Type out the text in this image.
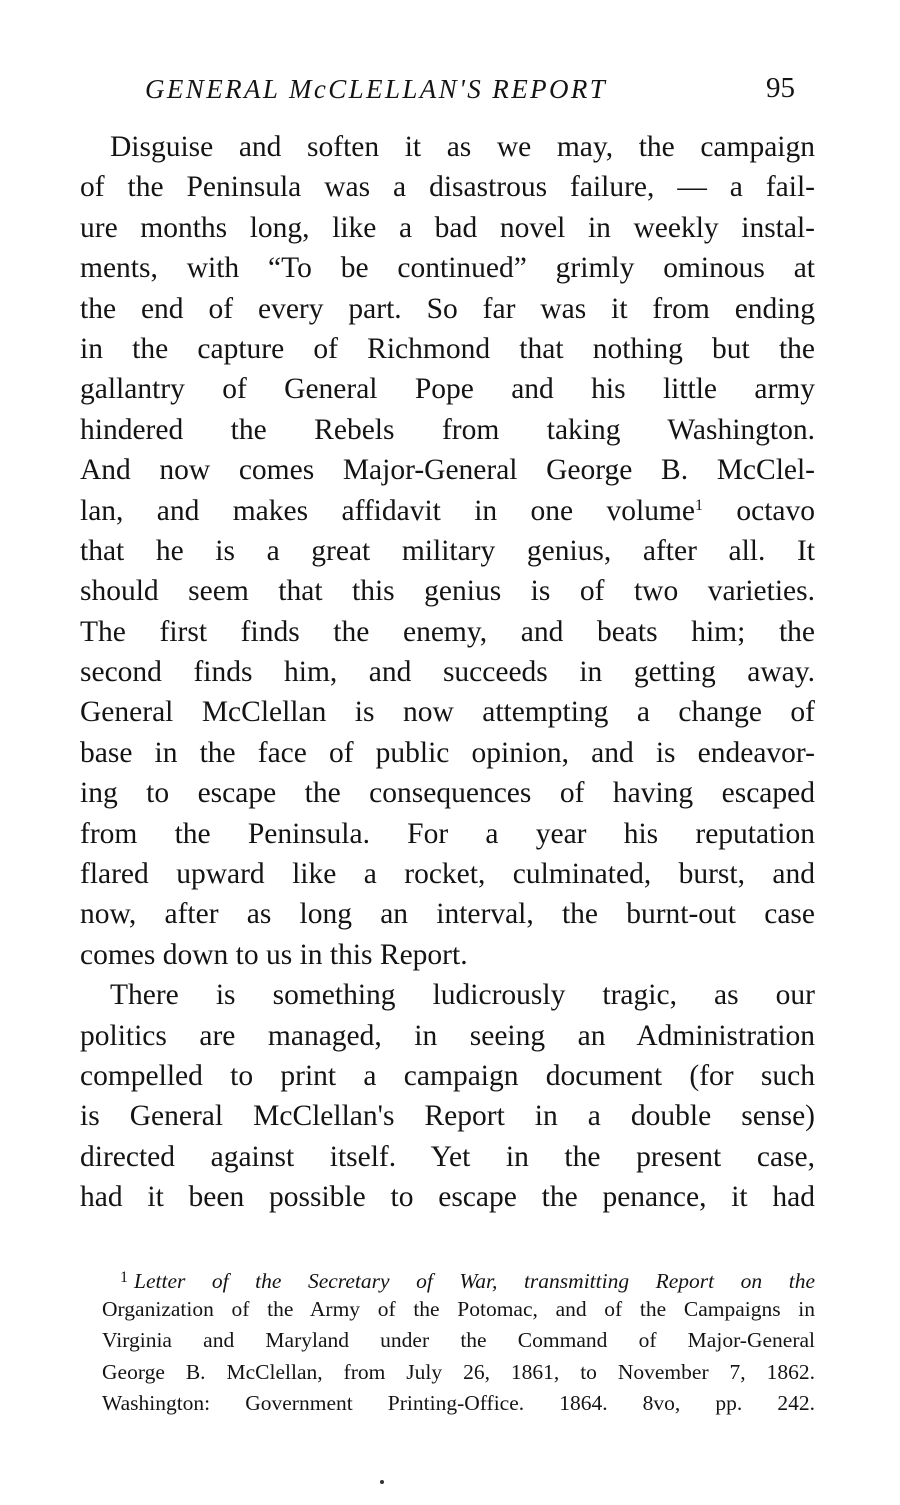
GENERAL McCLELLAN'S REPORT	95
Disguise and soften it as we may, the campaign
of the Peninsula was a disastrous failure, — a fail-
ure months long, like a bad novel in weekly instal-
ments, with “To be continued” grimly ominous at
the end of every part. So far was it from ending
in the capture of Richmond that nothing but the
gallantry of General Pope and his little army
hindered the Rebels from taking Washington.
And now comes Major-General George B. McClel-
lan, and makes affidavit in one volume$^1$ octavo
that he is a great military genius, after all. It
should seem that this genius is of two varieties.
The first finds the enemy, and beats him; the
second finds him, and succeeds in getting away.
General McClellan is now attempting a change of
base in the face of public opinion, and is endeavor-
ing to escape the consequences of having escaped
from the Peninsula. For a year his reputation
flared upward like a rocket, culminated, burst, and
now, after as long an interval, the burnt-out case
comes down to us in this Report.
There is something ludicrously tragic, as our
politics are managed, in seeing an Administration
compelled to print a campaign document (for such
is General McClellan's Report in a double sense)
directed against itself. Yet in the present case,
had it been possible to escape the penance, it had
$^1$ Letter of the Secretary of War, transmitting Report on the
Organization of the Army of the Potomac, and of the Campaigns in
Virginia and Maryland under the Command of Major-General
George B. McClellan, from July 26, 1861, to November 7, 1862.
Washington: Government Printing-Office. 1864. 8vo, pp. 242.
